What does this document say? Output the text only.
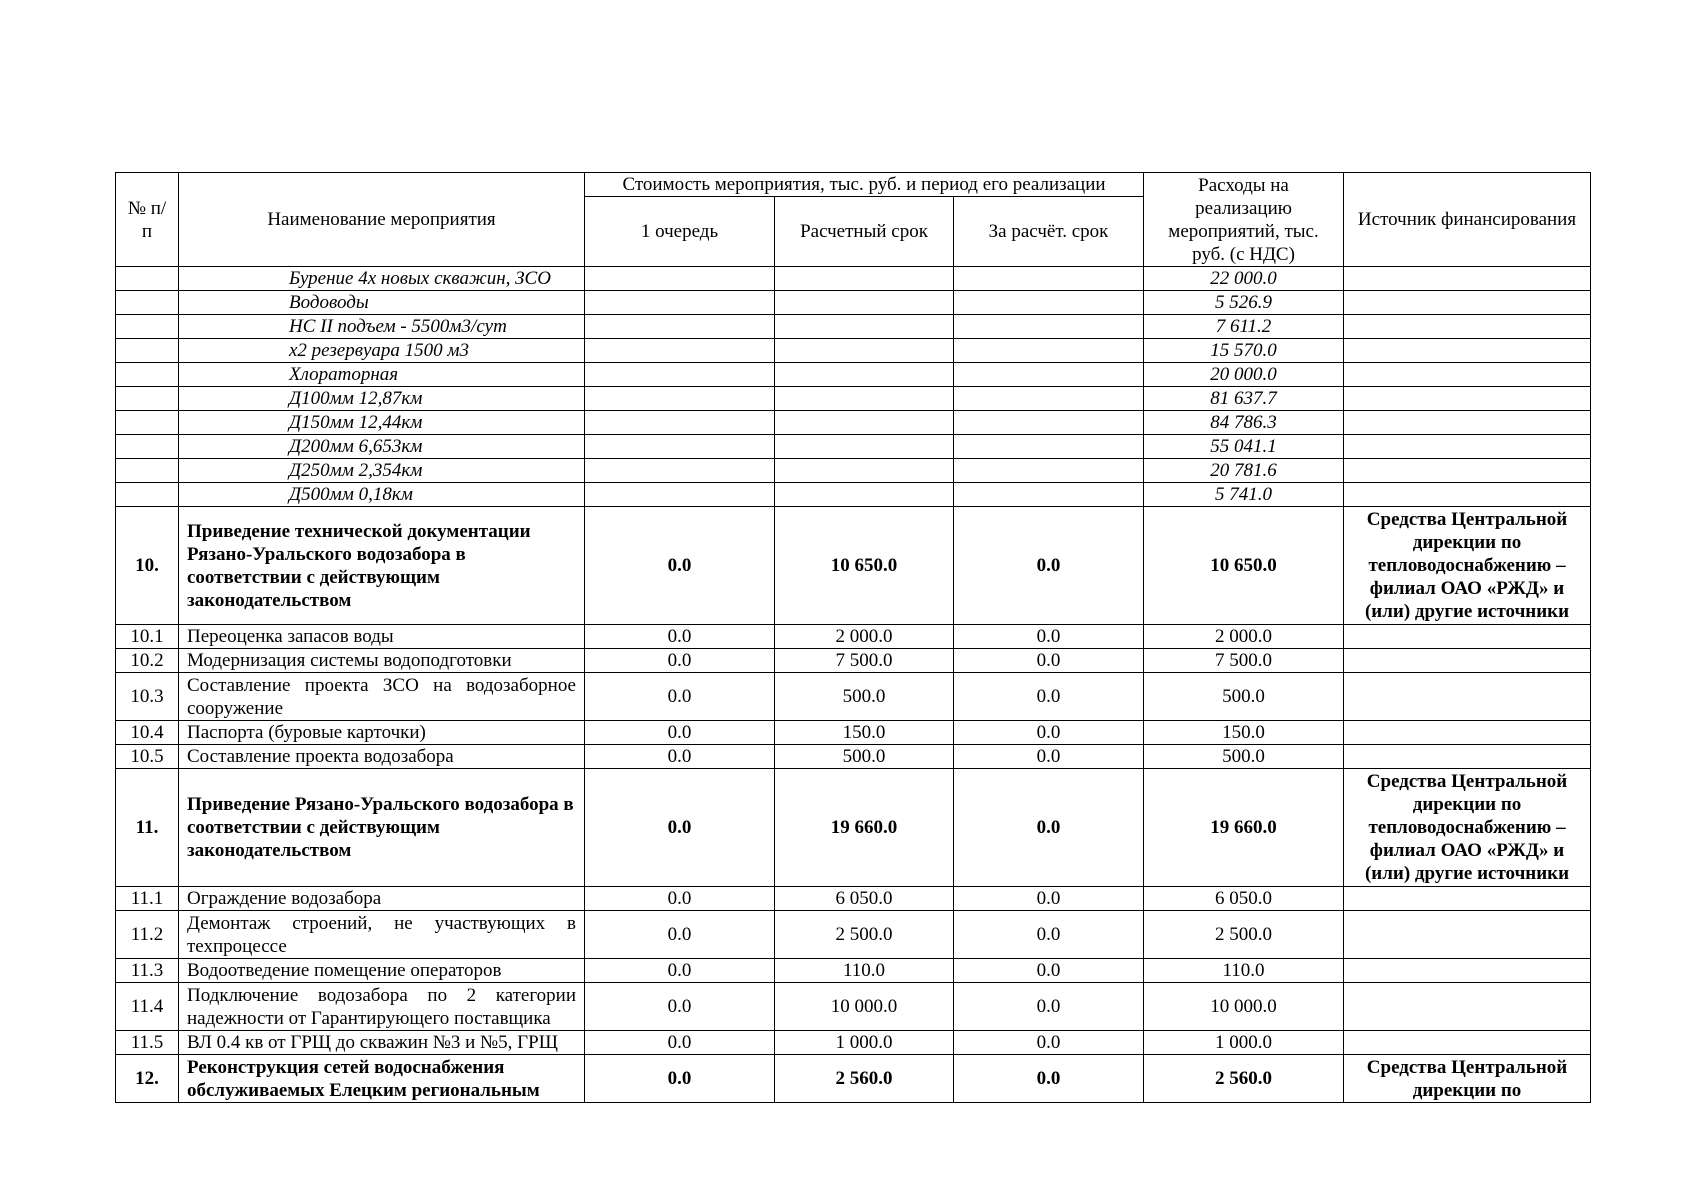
№ п/п	Наименование мероприятия	Стоимость мероприятия, тыс. руб. и период его реализации			Расходы на реализацию мероприятий, тыс. руб. (с НДС)	Источник финансирования
		1 очередь	Расчетный срок	За расчёт. срок		
	Бурение 4х новых скважин, ЗСО				22 000.0	
	Водоводы				5 526.9	
	НС II подъем - 5500м3/сут				7 611.2	
	х2 резервуара 1500 м3				15 570.0	
	Хлораторная				20 000.0	
	Д100мм 12,87км				81 637.7	
	Д150мм 12,44км				84 786.3	
	Д200мм 6,653км				55 041.1	
	Д250мм 2,354км				20 781.6	
	Д500мм 0,18км				5 741.0	
10.	Приведение технической документации Рязано-Уральского водозабора в соответствии с действующим законодательством	0.0	10 650.0	0.0	10 650.0	Средства Центральной дирекции по тепловодоснабжению – филиал ОАО «РЖД» и (или) другие источники
10.1	Переоценка запасов воды	0.0	2 000.0	0.0	2 000.0	
10.2	Модернизация системы водоподготовки	0.0	7 500.0	0.0	7 500.0	
10.3	Составление проекта ЗСО на водозаборное сооружение	0.0	500.0	0.0	500.0	
10.4	Паспорта (буровые карточки)	0.0	150.0	0.0	150.0	
10.5	Составление проекта водозабора	0.0	500.0	0.0	500.0	
11.	Приведение Рязано-Уральского водозабора в соответствии с действующим законодательством	0.0	19 660.0	0.0	19 660.0	Средства Центральной дирекции по тепловодоснабжению – филиал ОАО «РЖД» и (или) другие источники
11.1	Ограждение водозабора	0.0	6 050.0	0.0	6 050.0	
11.2	Демонтаж строений, не участвующих в техпроцессе	0.0	2 500.0	0.0	2 500.0	
11.3	Водоотведение помещение операторов	0.0	110.0	0.0	110.0	
11.4	Подключение водозабора по 2 категории надежности от Гарантирующего поставщика	0.0	10 000.0	0.0	10 000.0	
11.5	ВЛ 0.4 кв от ГРЩ до скважин №3 и №5, ГРЩ	0.0	1 000.0	0.0	1 000.0	
12.	Реконструкция сетей водоснабжения обслуживаемых Елецким региональным	0.0	2 560.0	0.0	2 560.0	Средства Центральной дирекции по
